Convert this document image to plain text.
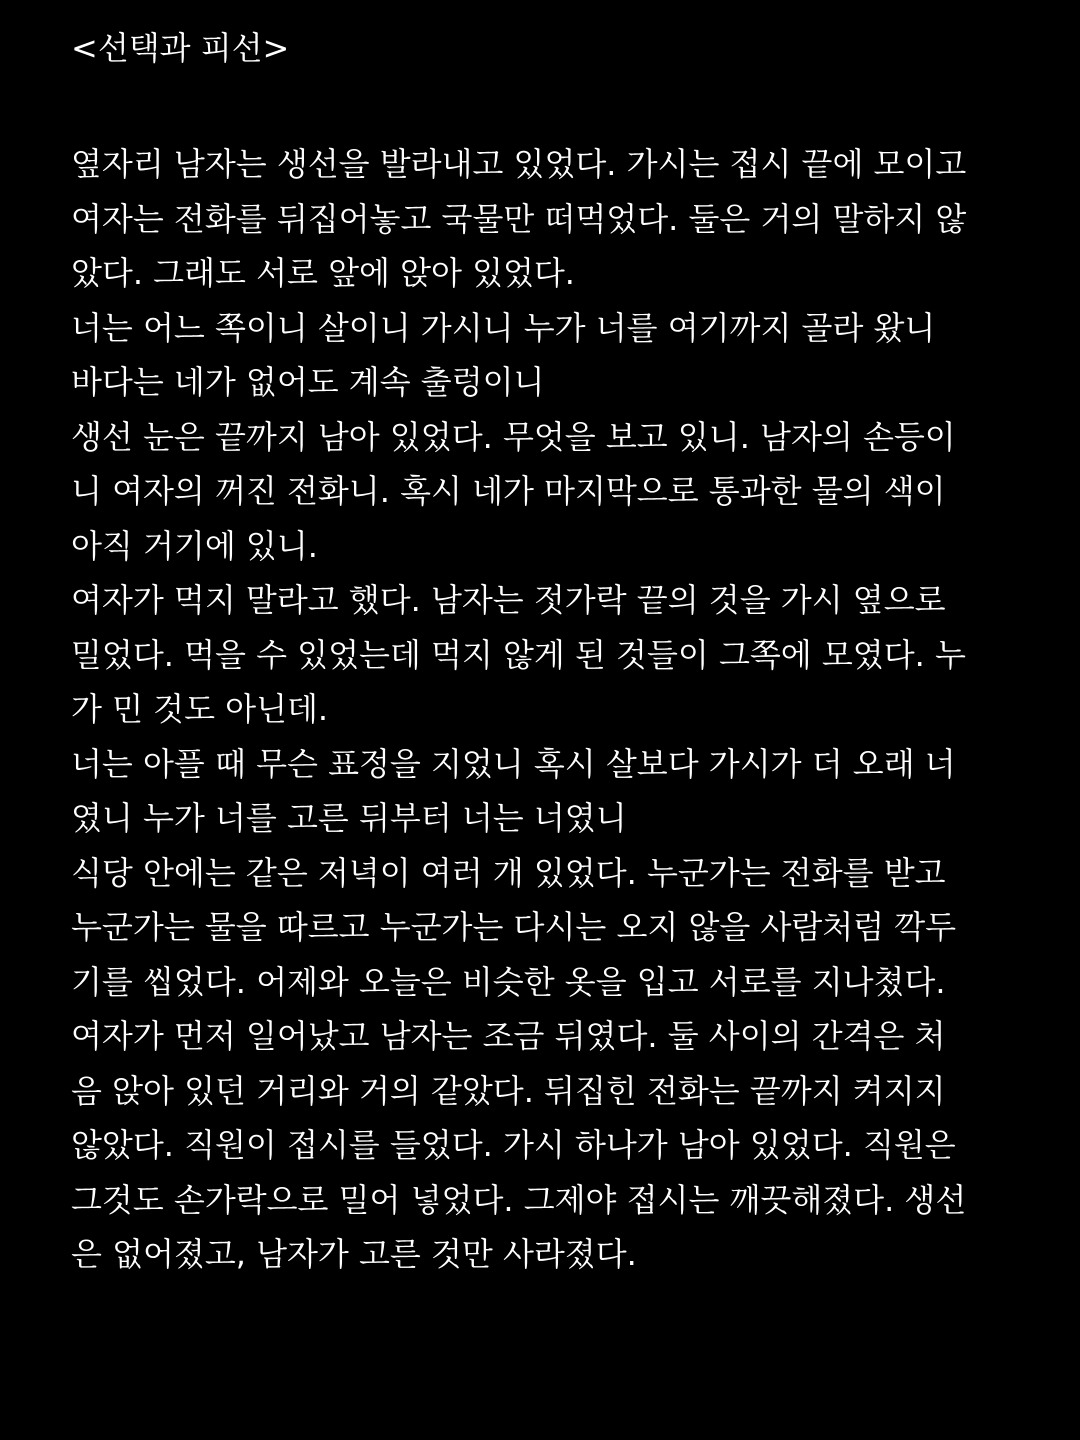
<선택과 피선>
옆자리 남자는 생선을 발라내고 있었다. 가시는 접시 끝에 모이고
여자는 전화를 뒤집어놓고 국물만 떠먹었다. 둘은 거의 말하지 않
았다. 그래도 서로 앞에 앉아 있었다.
너는 어느 쪽이니 살이니 가시니 누가 너를 여기까지 골라 왔니
바다는 네가 없어도 계속 출렁이니
생선 눈은 끝까지 남아 있었다. 무엇을 보고 있니. 남자의 손등이
니 여자의 꺼진 전화니. 혹시 네가 마지막으로 통과한 물의 색이
아직 거기에 있니.
여자가 먹지 말라고 했다. 남자는 젓가락 끝의 것을 가시 옆으로
밀었다. 먹을 수 있었는데 먹지 않게 된 것들이 그쪽에 모였다. 누
가 민 것도 아닌데.
너는 아플 때 무슨 표정을 지었니 혹시 살보다 가시가 더 오래 너
였니 누가 너를 고른 뒤부터 너는 너였니
식당 안에는 같은 저녁이 여러 개 있었다. 누군가는 전화를 받고
누군가는 물을 따르고 누군가는 다시는 오지 않을 사람처럼 깍두
기를 씹었다. 어제와 오늘은 비슷한 옷을 입고 서로를 지나쳤다.
여자가 먼저 일어났고 남자는 조금 뒤였다. 둘 사이의 간격은 처
음 앉아 있던 거리와 거의 같았다. 뒤집힌 전화는 끝까지 켜지지
않았다. 직원이 접시를 들었다. 가시 하나가 남아 있었다. 직원은
그것도 손가락으로 밀어 넣었다. 그제야 접시는 깨끗해졌다. 생선
은 없어졌고, 남자가 고른 것만 사라졌다.
